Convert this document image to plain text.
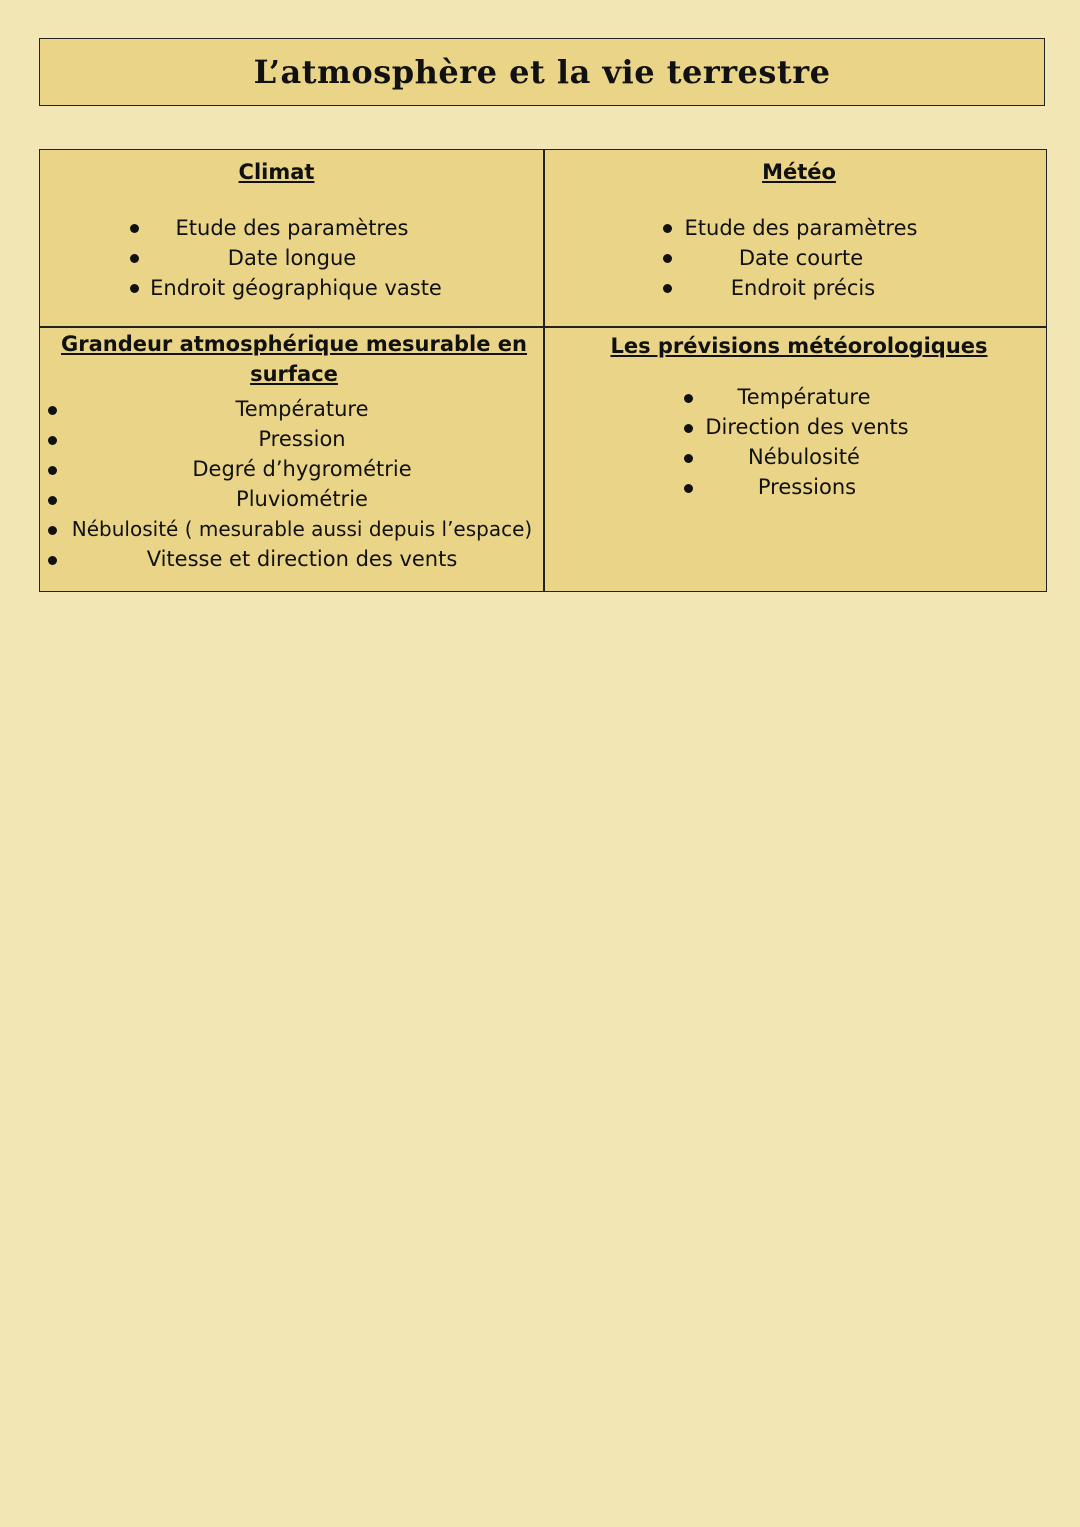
L’atmosphère et la vie terrestre
Climat
Etude des paramètres
Date longue
Endroit géographique vaste
Météo
Etude des paramètres
Date courte
Endroit précis
Grandeur atmosphérique mesurable en
surface
Température
Pression
Degré d’hygrométrie
Pluviométrie
Nébulosité ( mesurable aussi depuis l’espace)
Vitesse et direction des vents
Les prévisions météorologiques
Température
Direction des vents
Nébulosité
Pressions
